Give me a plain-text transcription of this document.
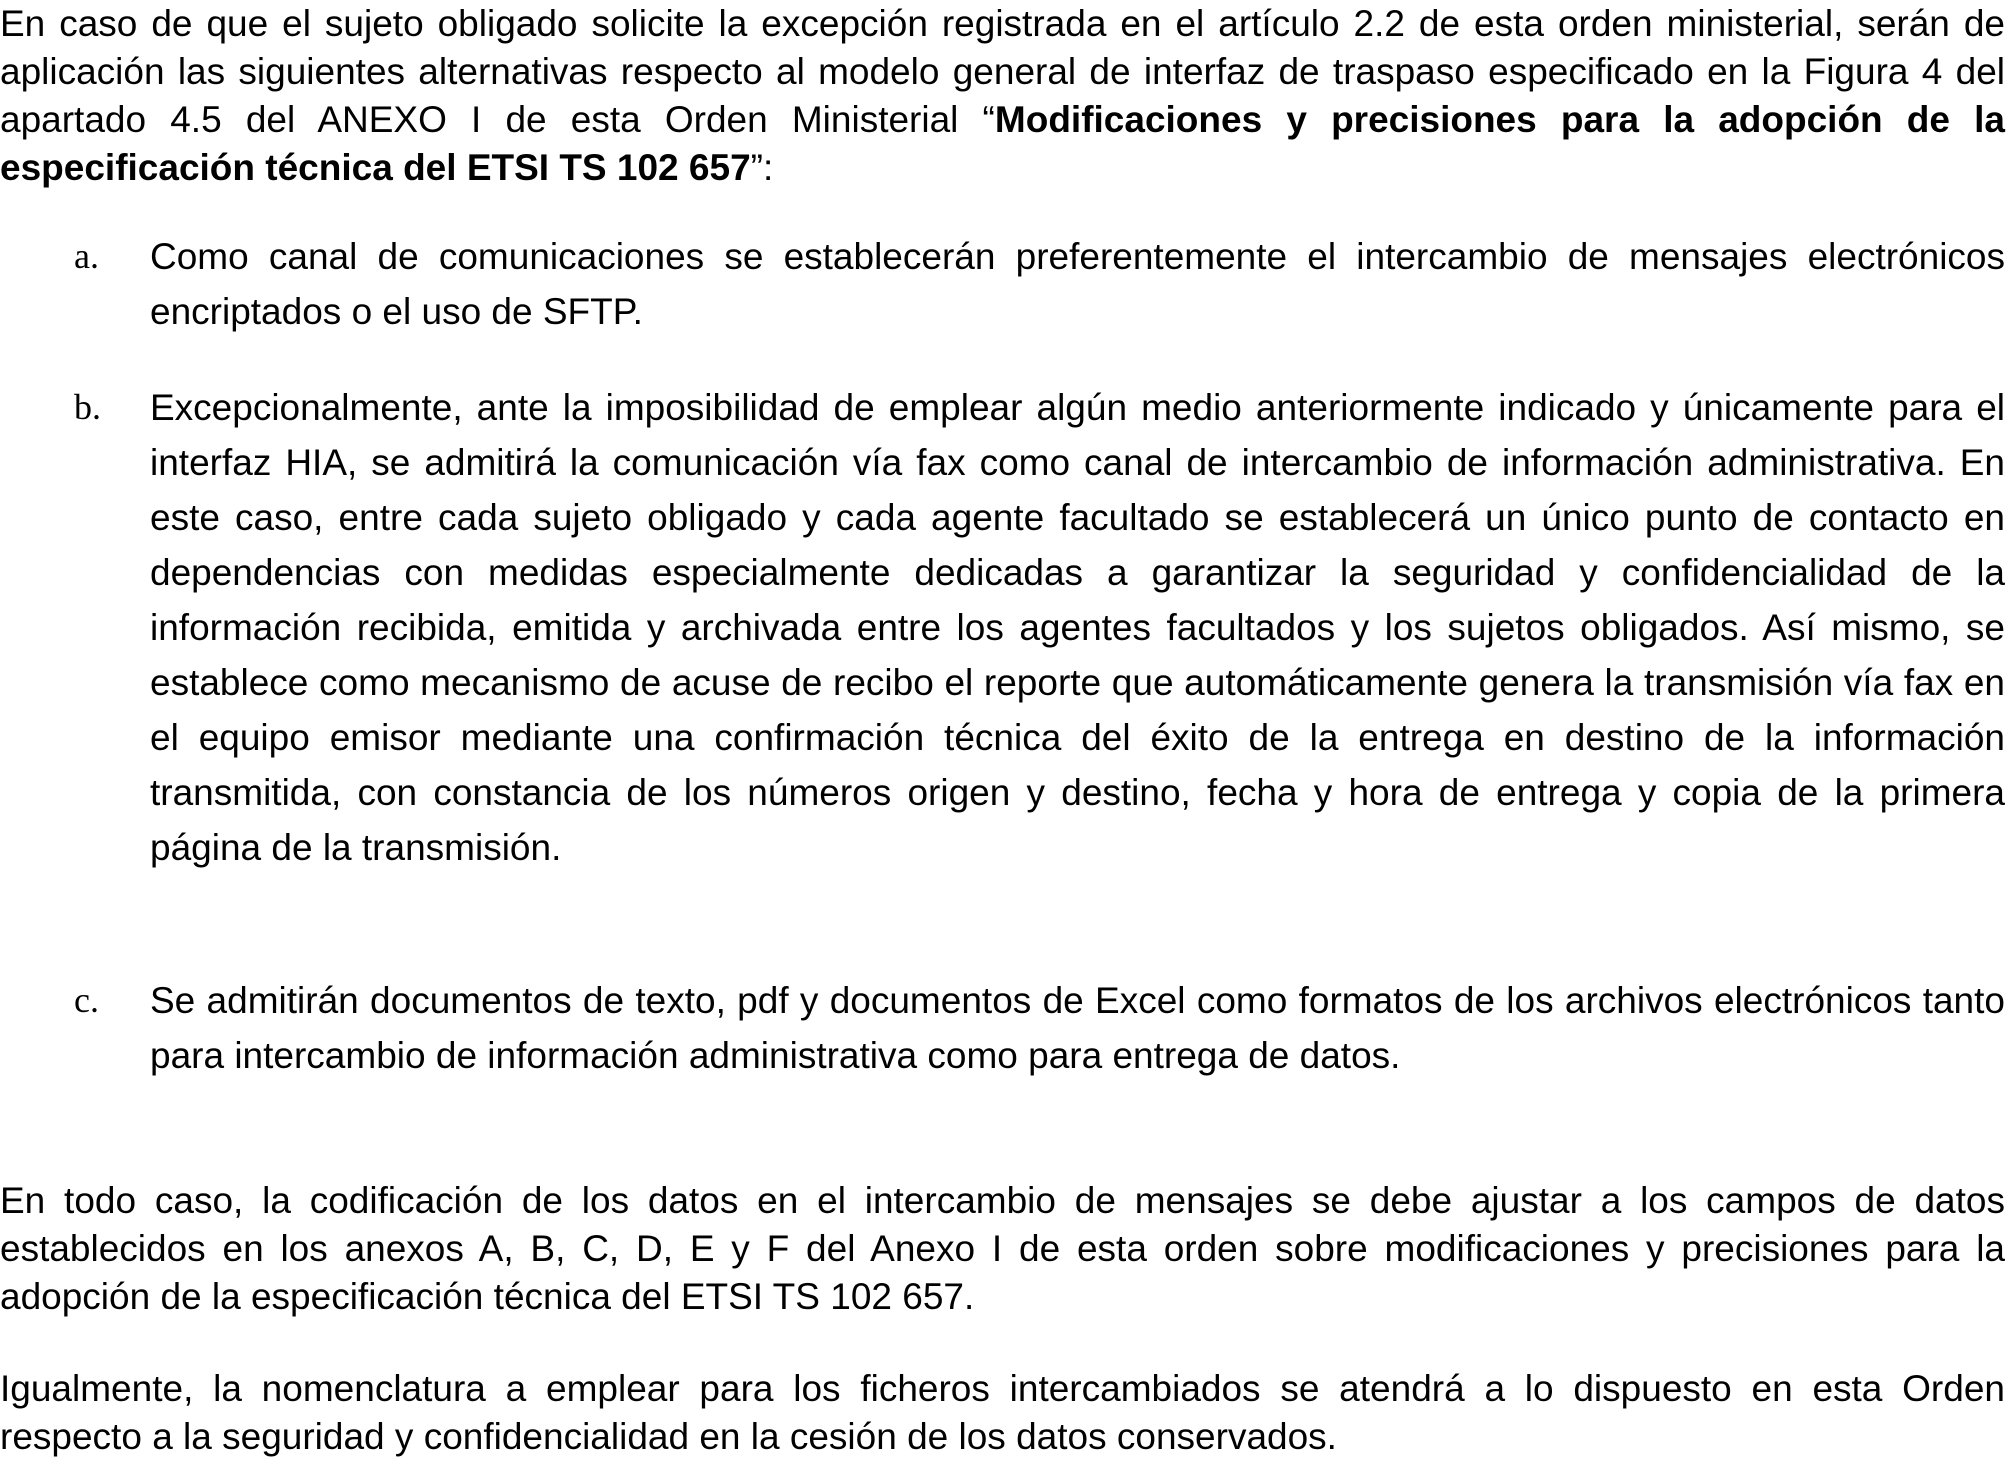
En caso de que el sujeto obligado solicite la excepción registrada en el artículo 2.2 de esta orden ministerial, serán de aplicación las siguientes alternativas respecto al modelo general de interfaz de traspaso especificado en la Figura 4 del apartado 4.5 del ANEXO I de esta Orden Ministerial “Modificaciones y precisiones para la adopción de la especificación técnica del ETSI TS 102 657”:

a. Como canal de comunicaciones se establecerán preferentemente el intercambio de mensajes electrónicos encriptados o el uso de SFTP.

b. Excepcionalmente, ante la imposibilidad de emplear algún medio anteriormente indicado y únicamente para el interfaz HIA, se admitirá la comunicación vía fax como canal de intercambio de información administrativa. En este caso, entre cada sujeto obligado y cada agente facultado se establecerá un único punto de contacto en dependencias con medidas especialmente dedicadas a garantizar la seguridad y confidencialidad de la información recibida, emitida y archivada entre los agentes facultados y los sujetos obligados. Así mismo, se establece como mecanismo de acuse de recibo el reporte que automáticamente genera la transmisión vía fax en el equipo emisor mediante una confirmación técnica del éxito de la entrega en destino de la información transmitida, con constancia de los números origen y destino, fecha y hora de entrega y copia de la primera página de la transmisión.

c. Se admitirán documentos de texto, pdf y documentos de Excel como formatos de los archivos electrónicos tanto para intercambio de información administrativa como para entrega de datos.

En todo caso, la codificación de los datos en el intercambio de mensajes se debe ajustar a los campos de datos establecidos en los anexos A, B, C, D, E y F del Anexo I de esta orden sobre modificaciones y precisiones para la adopción de la especificación técnica del ETSI TS 102 657.

Igualmente, la nomenclatura a emplear para los ficheros intercambiados se atendrá a lo dispuesto en esta Orden respecto a la seguridad y confidencialidad en la cesión de los datos conservados.
